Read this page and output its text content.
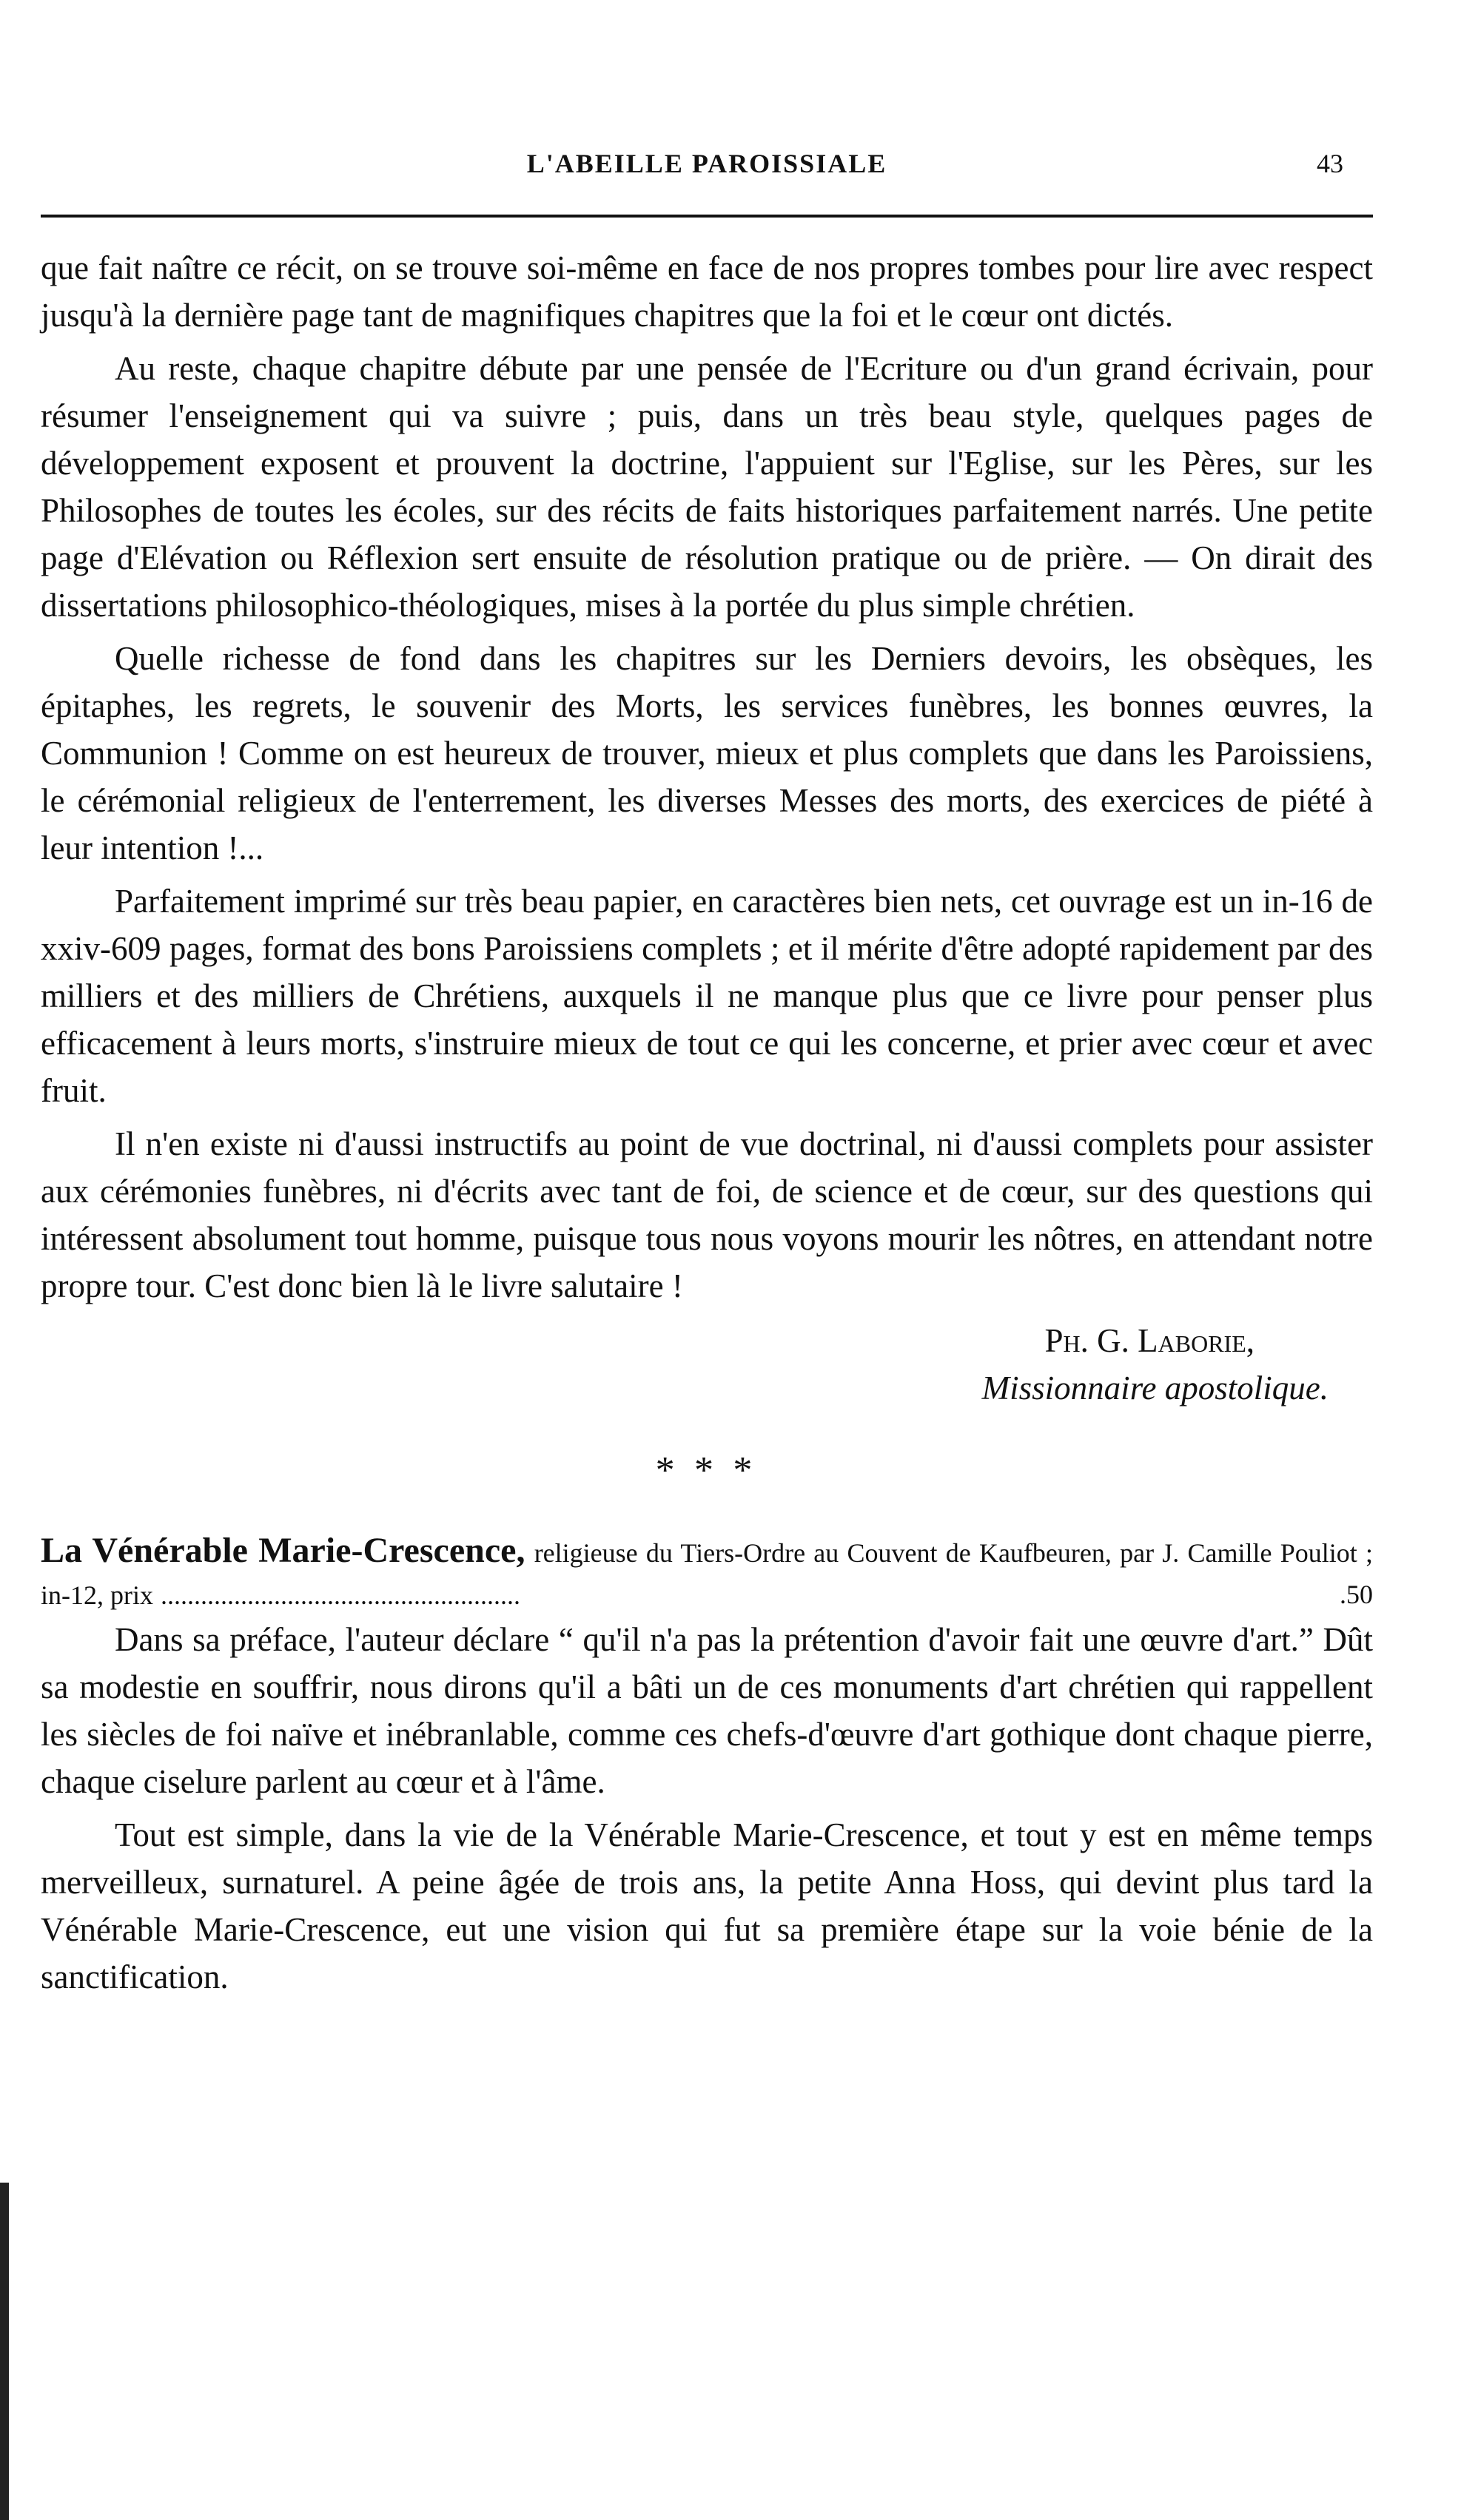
L'ABEILLE PAROISSIALE	43

que fait naître ce récit, on se trouve soi-même en face de nos propres tombes pour lire avec respect jusqu'à la dernière page tant de magnifiques chapitres que la foi et le cœur ont dictés.

Au reste, chaque chapitre débute par une pensée de l'Ecriture ou d'un grand écrivain, pour résumer l'enseignement qui va suivre ; puis, dans un très beau style, quelques pages de développement exposent et prouvent la doctrine, l'appuient sur l'Eglise, sur les Pères, sur les Philosophes de toutes les écoles, sur des récits de faits historiques parfaitement narrés. Une petite page d'Elévation ou Réflexion sert ensuite de résolution pratique ou de prière. — On dirait des dissertations philosophico-théologiques, mises à la portée du plus simple chrétien.

Quelle richesse de fond dans les chapitres sur les Derniers devoirs, les obsèques, les épitaphes, les regrets, le souvenir des Morts, les services funèbres, les bonnes œuvres, la Communion ! Comme on est heureux de trouver, mieux et plus complets que dans les Paroissiens, le cérémonial religieux de l'enterrement, les diverses Messes des morts, des exercices de piété à leur intention !...

Parfaitement imprimé sur très beau papier, en caractères bien nets, cet ouvrage est un in-16 de xxiv-609 pages, format des bons Paroissiens complets ; et il mérite d'être adopté rapidement par des milliers et des milliers de Chrétiens, auxquels il ne manque plus que ce livre pour penser plus efficacement à leurs morts, s'instruire mieux de tout ce qui les concerne, et prier avec cœur et avec fruit.

Il n'en existe ni d'aussi instructifs au point de vue doctrinal, ni d'aussi complets pour assister aux cérémonies funèbres, ni d'écrits avec tant de foi, de science et de cœur, sur des questions qui intéressent absolument tout homme, puisque tous nous voyons mourir les nôtres, en attendant notre propre tour. C'est donc bien là le livre salutaire !

Ph. G. Laborie,
Missionnaire apostolique.
* * *
La Vénérable Marie-Crescence, religieuse du Tiers-Ordre au Couvent de Kaufbeuren, par J. Camille Pouliot ; in-12, prix ......................................................	.50

Dans sa préface, l'auteur déclare “ qu'il n'a pas la prétention d'avoir fait une œuvre d'art.” Dût sa modestie en souffrir, nous dirons qu'il a bâti un de ces monuments d'art chrétien qui rappellent les siècles de foi naïve et inébranlable, comme ces chefs-d'œuvre d'art gothique dont chaque pierre, chaque ciselure parlent au cœur et à l'âme.

Tout est simple, dans la vie de la Vénérable Marie-Crescence, et tout y est en même temps merveilleux, surnaturel. A peine âgée de trois ans, la petite Anna Hoss, qui devint plus tard la Vénérable Marie-Crescence, eut une vision qui fut sa première étape sur la voie bénie de la sanctification.
